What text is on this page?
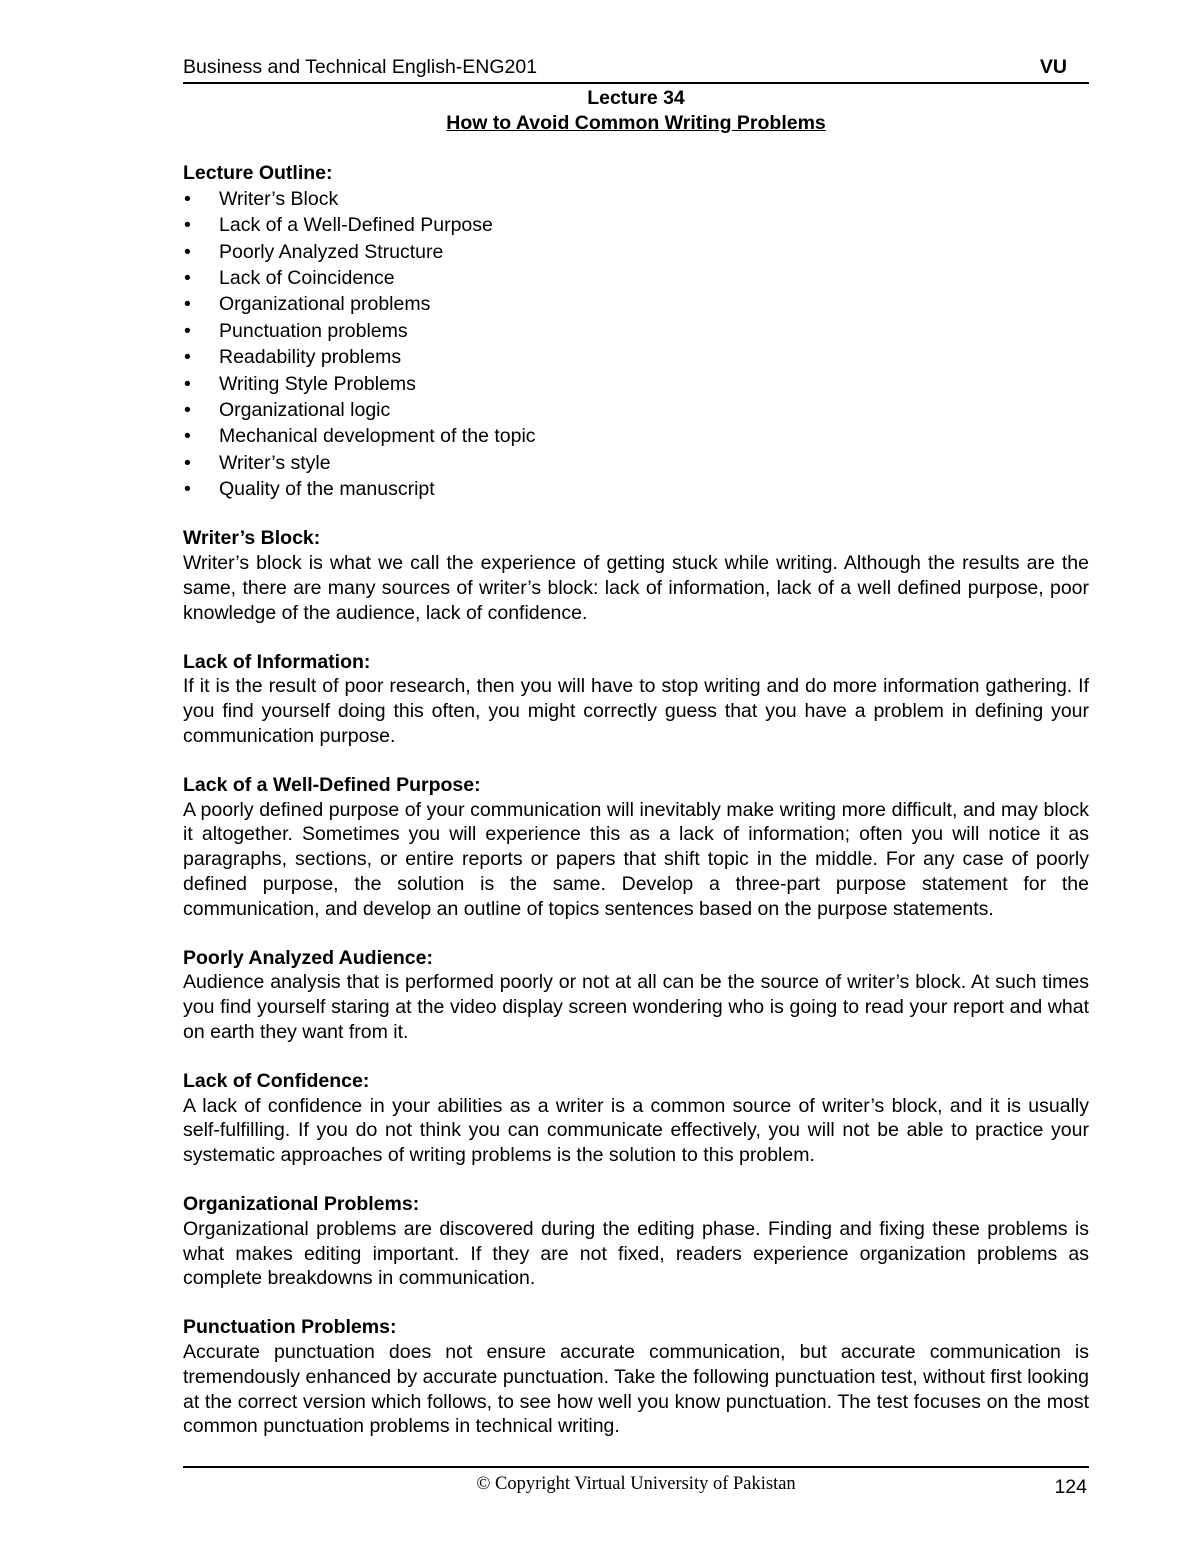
Business and Technical English-ENG201	VU
Lecture 34
How to Avoid Common Writing Problems
Lecture Outline:
• Writer’s Block
• Lack of a Well-Defined Purpose
• Poorly Analyzed Structure
• Lack of Coincidence
• Organizational problems
• Punctuation problems
• Readability problems
• Writing Style Problems
• Organizational logic
• Mechanical development of the topic
• Writer’s style
• Quality of the manuscript
Writer’s Block:

Writer’s block is what we call the experience of getting stuck while writing. Although the results are the same, there are many sources of writer’s block: lack of information, lack of a well defined purpose, poor knowledge of the audience, lack of confidence.

Lack of Information:

If it is the result of poor research, then you will have to stop writing and do more information gathering. If you find yourself doing this often, you might correctly guess that you have a problem in defining your communication purpose.

Lack of a Well-Defined Purpose:

A poorly defined purpose of your communication will inevitably make writing more difficult, and may block it altogether. Sometimes you will experience this as a lack of information; often you will notice it as paragraphs, sections, or entire reports or papers that shift topic in the middle. For any case of poorly defined purpose, the solution is the same. Develop a three-part purpose statement for the communication, and develop an outline of topics sentences based on the purpose statements.

Poorly Analyzed Audience:

Audience analysis that is performed poorly or not at all can be the source of writer’s block. At such times you find yourself staring at the video display screen wondering who is going to read your report and what on earth they want from it.

Lack of Confidence:

A lack of confidence in your abilities as a writer is a common source of writer’s block, and it is usually self-fulfilling. If you do not think you can communicate effectively, you will not be able to practice your systematic approaches of writing problems is the solution to this problem.

Organizational Problems:

Organizational problems are discovered during the editing phase. Finding and fixing these problems is what makes editing important. If they are not fixed, readers experience organization problems as complete breakdowns in communication.

Punctuation Problems:

Accurate punctuation does not ensure accurate communication, but accurate communication is tremendously enhanced by accurate punctuation. Take the following punctuation test, without first looking at the correct version which follows, to see how well you know punctuation. The test focuses on the most common punctuation problems in technical writing.

© Copyright Virtual University of Pakistan	124
